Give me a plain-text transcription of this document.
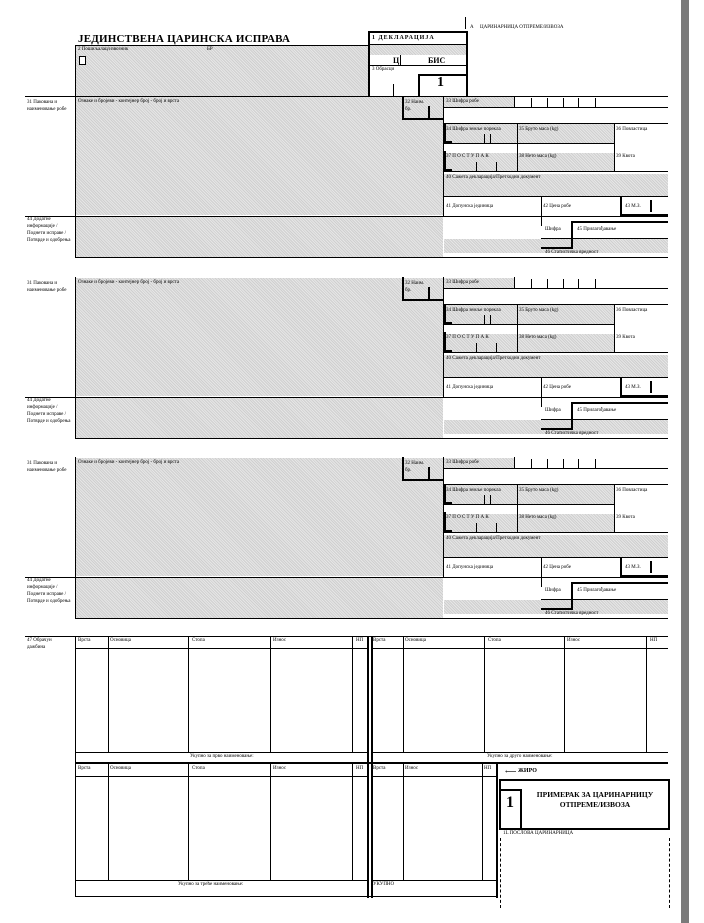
ЈЕДИНСТВЕНА ЦАРИНСКА ИСПРАВА
A ЦАРИНАРНИЦА ОТПРЕМЕ/ИЗВОЗА
1 ДЕКЛАРАЦИЈА
Ц	БИС
3 Обрасци
1
2 Пошиљалац/извозник	БР
31 Пакована и наименовање робе
Ознаке и бројеви - контејнер број - број и врста	32 Наим. бр.
33 Шифра робе
34 Шифра земље порекла	35 Бруто маса (kg)	36 Повластица
37 П О С Т У П А К	38 Нето маса (kg)	39 Квота
40 Сажета декларација/Претходни документ
41 Допунска јединица	42 Цена робе	43 М.З.
44 Додатне информације / Поднети исправе / Потврде и одобрења
Шифра	45 Прилагођавање
46 Статистичка вредност
31 Пакована и наименовање робе
Ознаке и бројеви - контејнер број - број и врста	32 Наим. бр.
33 Шифра робе
34 Шифра земље порекла	35 Бруто маса (kg)	36 Повластица
37 П О С Т У П А К	38 Нето маса (kg)	39 Квота
40 Сажета декларација/Претходни документ
41 Допунска јединица	42 Цена робе	43 М.З.
44 Додатне информације / Поднети исправе / Потврде и одобрења
Шифра	45 Прилагођавање
46 Статистичка вредност
31 Пакована и наименовање робе
Ознаке и бројеви - контејнер број - број и врста	32 Наим. бр.
33 Шифра робе
34 Шифра земље порекла	35 Бруто маса (kg)	36 Повластица
37 П О С Т У П А К	38 Нето маса (kg)	39 Квота
40 Сажета декларација/Претходни документ
41 Допунска јединица	42 Цена робе	43 М.З.
44 Додатне информације / Поднети исправе / Потврде и одобрења
Шифра	45 Прилагођавање
46 Статистичка вредност
47 Обрачун дажбина
Врста	Основица	Стопа	Износ	НП
Укупно за прво наименовање:
Врста	Основица	Стопа	Износ	НП
Укупно за друго наименовање:
Врста	Основица	Стопа	Износ	НП
Укупно за треће наименовање:
Врста	Износ	НП
УКУПНО
ЖИРО
⟵
1	ПРИМЕРАК ЗА ЦАРИНАРНИЦУ ОТПРЕМЕ/ИЗВОЗА
1L ПОСЛОВА ЦАРИНАРНИЦА
